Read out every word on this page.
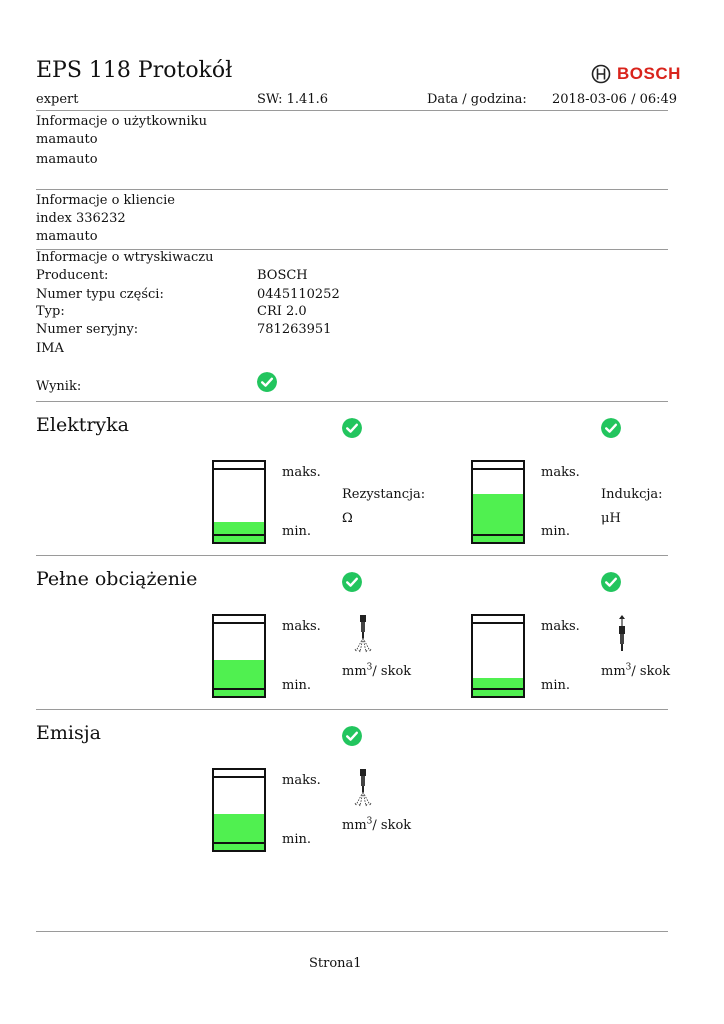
EPS 118 Protokół	BOSCH
expert	SW: 1.41.6	Data / godzina: 2018-03-06 / 06:49
Informacje o użytkowniku
mamauto
mamauto
Informacje o kliencie
index 336232
mamauto
Informacje o wtryskiwaczu
Producent:	BOSCH
Numer typu części:	0445110252
Typ:	CRI 2.0
Numer seryjny:	781263951
IMA
Wynik:
Elektryka
maks.
min.
Rezystancja:
Ω
maks.
min.
Indukcja:
μH
Pełne obciążenie
maks.
min.
$mm^3/$ skok
maks.
min.
$mm^3/$ skok
Emisja
maks.
min.
$mm^3/$ skok
Strona1
